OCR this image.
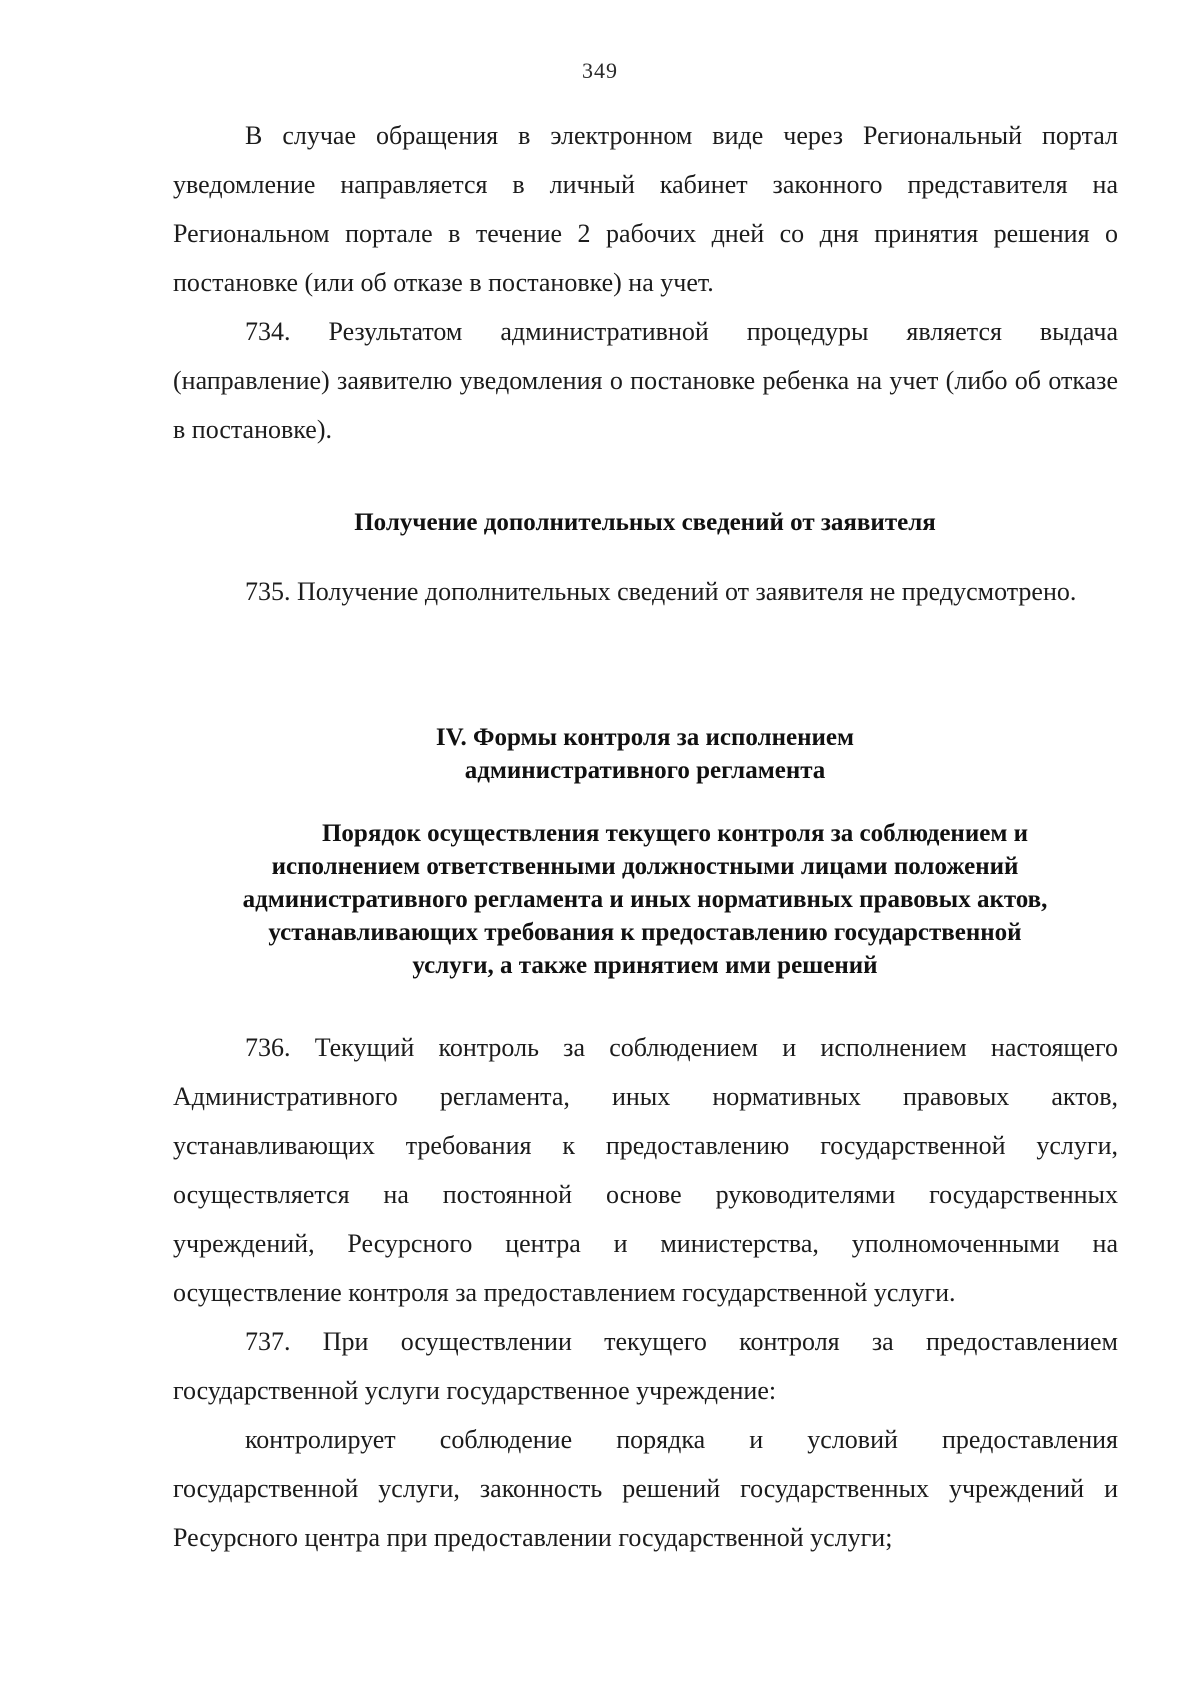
349

В случае обращения в электронном виде через Региональный портал уведомление направляется в личный кабинет законного представителя на Региональном портале в течение 2 рабочих дней со дня принятия решения о постановке (или об отказе в постановке) на учет.

734. Результатом административной процедуры является выдача (направление) заявителю уведомления о постановке ребенка на учет (либо об отказе в постановке).

Получение дополнительных сведений от заявителя

735. Получение дополнительных сведений от заявителя не предусмотрено.

IV. Формы контроля за исполнением
административного регламента
Порядок осуществления текущего контроля за соблюдением и
исполнением ответственными должностными лицами положений
административного регламента и иных нормативных правовых актов,
устанавливающих требования к предоставлению государственной
услуги, а также принятием ими решений

736. Текущий контроль за соблюдением и исполнением настоящего Административного регламента, иных нормативных правовых актов, устанавливающих требования к предоставлению государственной услуги, осуществляется на постоянной основе руководителями государственных учреждений, Ресурсного центра и министерства, уполномоченными на осуществление контроля за предоставлением государственной услуги.

737. При осуществлении текущего контроля за предоставлением государственной услуги государственное учреждение:

контролирует соблюдение порядка и условий предоставления государственной услуги, законность решений государственных учреждений и Ресурсного центра при предоставлении государственной услуги;
